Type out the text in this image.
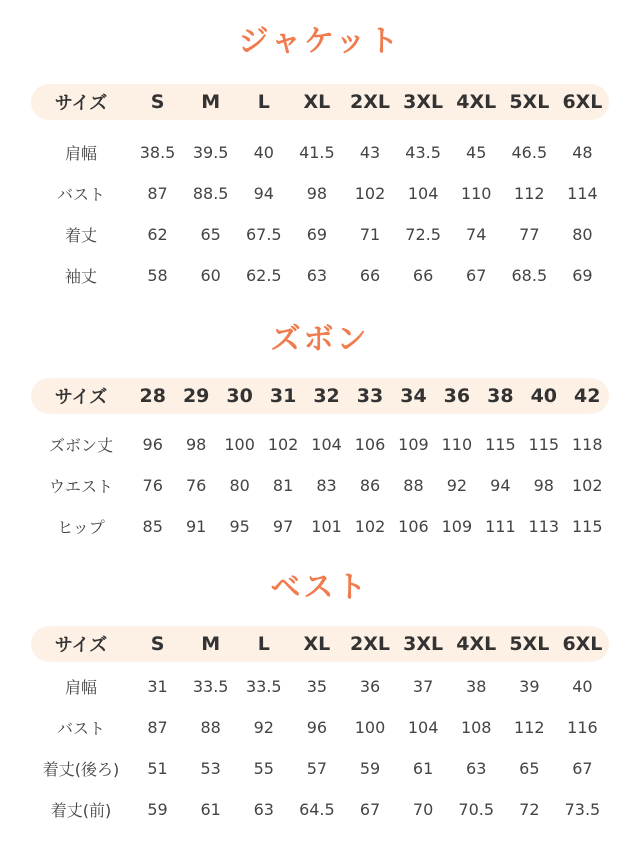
ジャケット
サイズ	S	M	L	XL	2XL 3XL 4XL 5XL 6XL
肩幅	38.5	39.5	40	41.5	43	43.5	45	46.5	48
バスト	87	88.5	94	98	102	104	110	112	114
着丈	62	65	67.5	69	71	72.5	74	77	80
袖丈	58	60	62.5	63	66	66	67	68.5	69
ズボン
サイズ	28 29 30 31 32 33 34 36 38 40 42
ズボン丈	96	98	100 102 104 106 109 110 115 115 118
ウエスト	76	76	80	81	83	86	88	92	94	98	102
ヒップ	85	91	95	97	101 102 106 109 111 113 115
ベスト
サイズ	S	M	L	XL	2XL 3XL 4XL 5XL 6XL
肩幅	31	33.5	33.5	35	36	37	38	39	40
バスト	87	88	92	96	100	104	108	112	116
着丈(後ろ)	51	53	55	57	59	61	63	65	67
着丈(前)	59	61	63	64.5	67	70	70.5	72	73.5
